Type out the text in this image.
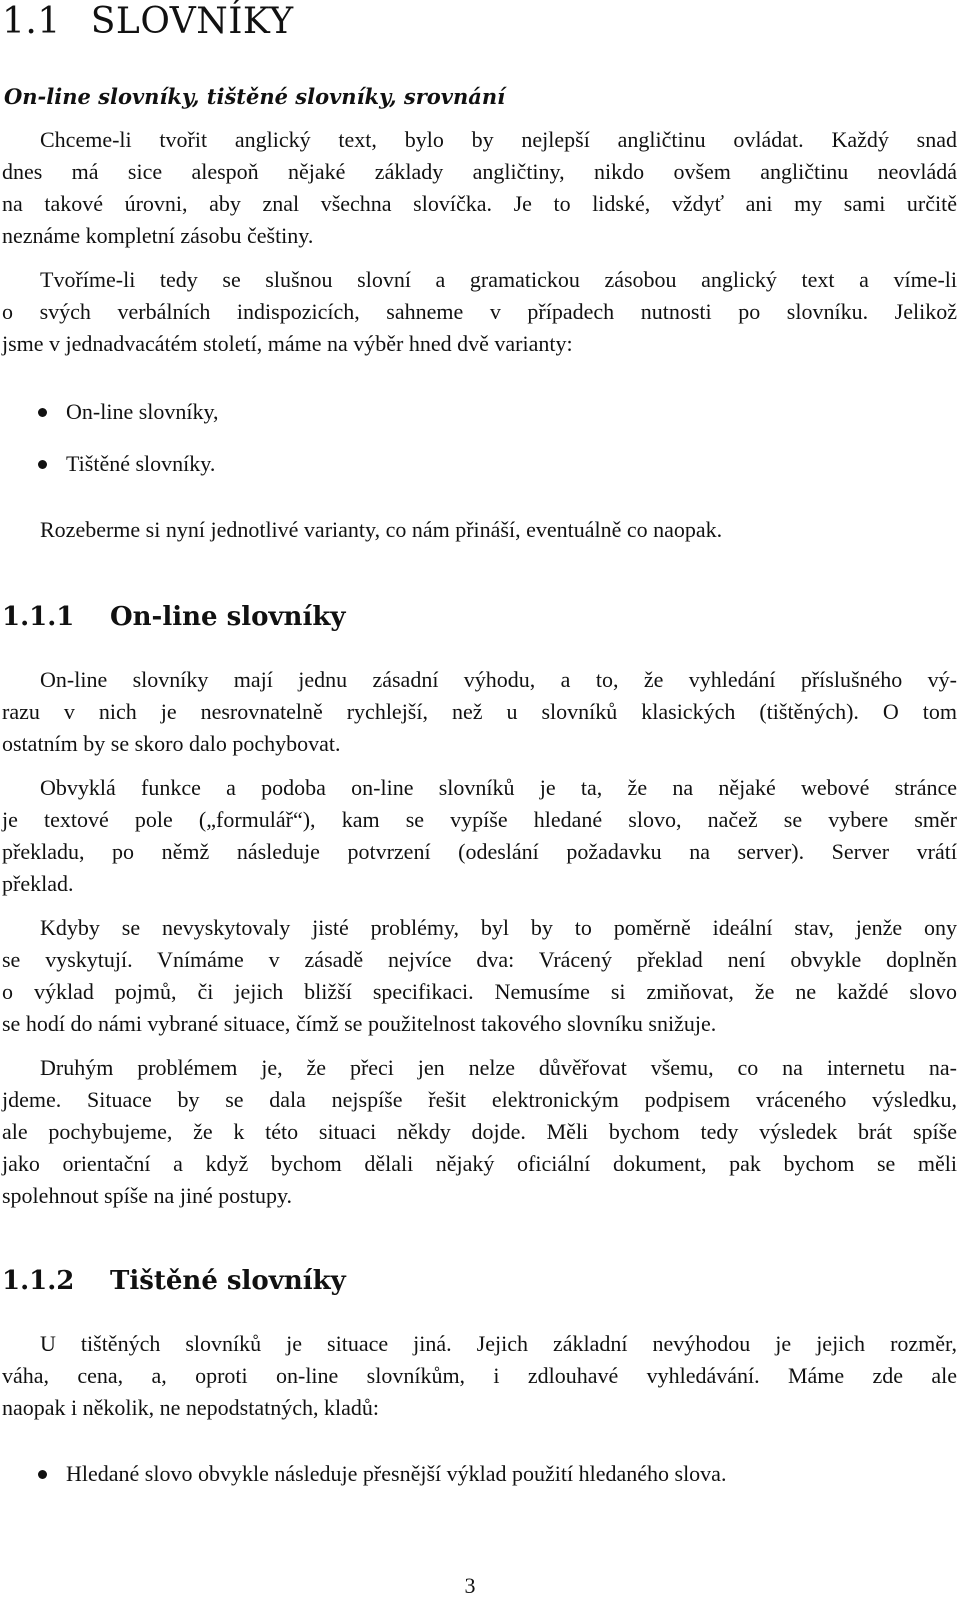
1.1 SLOVNÍKY

On-line slovníky, tištěné slovníky, srovnání

Chceme-li tvořit anglický text, bylo by nejlepší angličtinu ovládat. Každý snad
dnes má sice alespoň nějaké základy angličtiny, nikdo ovšem angličtinu neovládá
na takové úrovni, aby znal všechna slovíčka. Je to lidské, vždyť ani my sami určitě
neznáme kompletní zásobu češtiny.
Tvoříme-li tedy se slušnou slovní a gramatickou zásobou anglický text a víme-li
o svých verbálních indispozicích, sahneme v případech nutnosti po slovníku. Jelikož
jsme v jednadvacátém století, máme na výběr hned dvě varianty:
On-line slovníky,
Tištěné slovníky.
Rozeberme si nyní jednotlivé varianty, co nám přináší, eventuálně co naopak.
1.1.1 On-line slovníky
On-line slovníky mají jednu zásadní výhodu, a to, že vyhledání příslušného vý-
razu v nich je nesrovnatelně rychlejší, než u slovníků klasických (tištěných). O tom
ostatním by se skoro dalo pochybovat.
Obvyklá funkce a podoba on-line slovníků je ta, že na nějaké webové stránce
je textové pole („formulář“), kam se vypíše hledané slovo, načež se vybere směr
překladu, po němž následuje potvrzení (odeslání požadavku na server). Server vrátí
překlad.
Kdyby se nevyskytovaly jisté problémy, byl by to poměrně ideální stav, jenže ony
se vyskytují. Vnímáme v zásadě nejvíce dva: Vrácený překlad není obvykle doplněn
o výklad pojmů, či jejich bližší specifikaci. Nemusíme si zmiňovat, že ne každé slovo
se hodí do námi vybrané situace, čímž se použitelnost takového slovníku snižuje.
Druhým problémem je, že přeci jen nelze důvěřovat všemu, co na internetu na-
jdeme. Situace by se dala nejspíše řešit elektronickým podpisem vráceného výsledku,
ale pochybujeme, že k této situaci někdy dojde. Měli bychom tedy výsledek brát spíše
jako orientační a když bychom dělali nějaký oficiální dokument, pak bychom se měli
spolehnout spíše na jiné postupy.
1.1.2 Tištěné slovníky
U tištěných slovníků je situace jiná. Jejich základní nevýhodou je jejich rozměr,
váha, cena, a, oproti on-line slovníkům, i zdlouhavé vyhledávání. Máme zde ale
naopak i několik, ne nepodstatných, kladů:
Hledané slovo obvykle následuje přesnější výklad použití hledaného slova.
3
